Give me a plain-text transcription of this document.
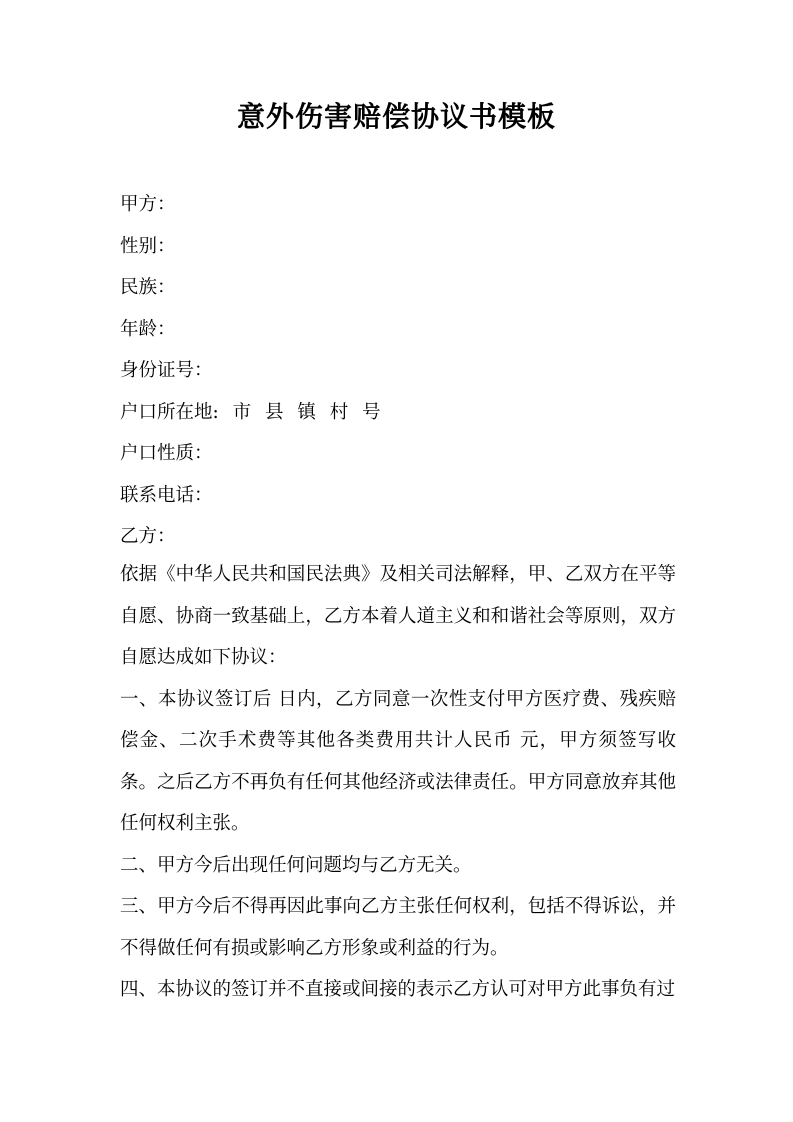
意外伤害赔偿协议书模板
甲方：
性别：
民族：
年龄：
身份证号：
户口所在地: 市 县 镇 村 号
户口性质：
联系电话：
乙方：

依据《中华人民共和国民法典》及相关司法解释，甲、乙双方在平等自愿、协商一致基础上，乙方本着人道主义和和谐社会等原则，双方自愿达成如下协议：

一、本协议签订后 日内，乙方同意一次性支付甲方医疗费、残疾赔偿金、二次手术费等其他各类费用共计人民币 元，甲方须签写收条。之后乙方不再负有任何其他经济或法律责任。甲方同意放弃其他任何权利主张。

二、甲方今后出现任何问题均与乙方无关。

三、甲方今后不得再因此事向乙方主张任何权利，包括不得诉讼，并不得做任何有损或影响乙方形象或利益的行为。

四、本协议的签订并不直接或间接的表示乙方认可对甲方此事负有过
